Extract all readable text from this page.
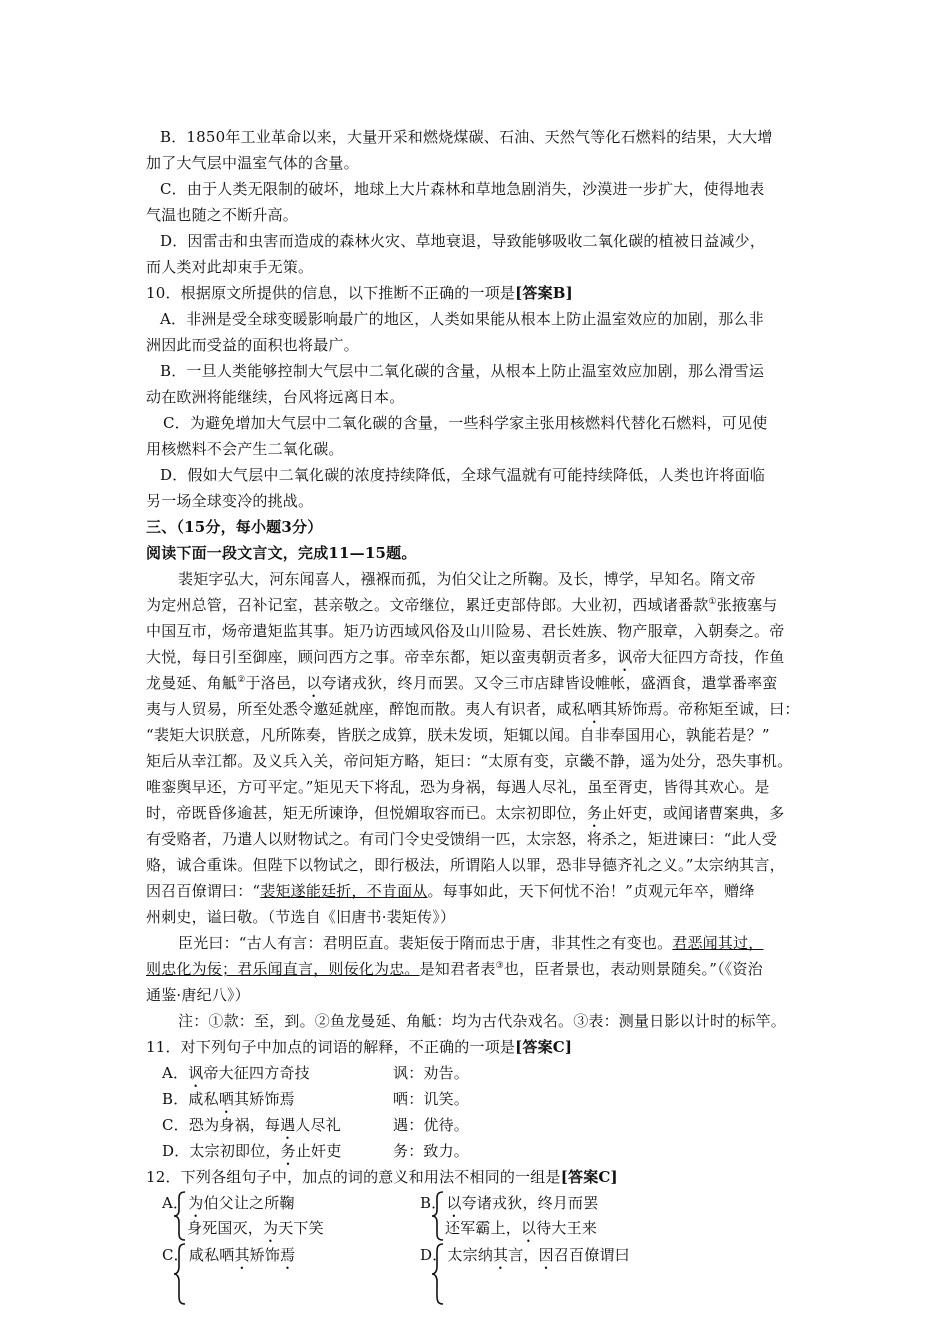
B．1850年工业革命以来，大量开采和燃烧煤碳、石油、天然气等化石燃料的结果，大大增
加了大气层中温室气体的含量。
C．由于人类无限制的破坏，地球上大片森林和草地急剧消失，沙漠进一步扩大，使得地表
气温也随之不断升高。
D．因雷击和虫害而造成的森林火灾、草地衰退，导致能够吸收二氧化碳的植被日益减少，
而人类对此却束手无策。
10．根据原文所提供的信息，以下推断不正确的一项是[答案B]
A．非洲是受全球变暖影响最广的地区，人类如果能从根本上防止温室效应的加剧，那么非
洲因此而受益的面积也将最广。
B．一旦人类能够控制大气层中二氧化碳的含量，从根本上防止温室效应加剧，那么滑雪运
动在欧洲将能继续，台风将远离日本。
C．为避免增加大气层中二氧化碳的含量，一些科学家主张用核燃料代替化石燃料，可见使
用核燃料不会产生二氧化碳。
D．假如大气层中二氧化碳的浓度持续降低，全球气温就有可能持续降低，人类也许将面临
另一场全球变冷的挑战。
三、（15分，每小题3分）
阅读下面一段文言文，完成11—15题。
裴矩字弘大，河东闻喜人，襁褓而孤，为伯父让之所鞠。及长，博学，早知名。隋文帝
为定州总管，召补记室，甚亲敬之。文帝继位，累迁吏部侍郎。大业初，西域诸番款①张掖塞与
中国互市，炀帝遣矩监其事。矩乃访西域风俗及山川险易、君长姓族、物产服章，入朝奏之。帝
大悦，每日引至御座，顾问西方之事。帝幸东都，矩以蛮夷朝贡者多，讽帝大征四方奇技，作鱼
龙曼延、角觝②于洛邑，以夸诸戎狄，终月而罢。又令三市店肆皆设帷帐，盛酒食，遣掌番率蛮
夷与人贸易，所至处悉令邀延就座，醉饱而散。夷人有识者，咸私哂其矫饰焉。帝称矩至诚，曰：
“裴矩大识朕意，凡所陈奏，皆朕之成算，朕未发顷，矩辄以闻。自非奉国用心，孰能若是？”
矩后从幸江都。及义兵入关，帝问矩方略，矩曰：“太原有变，京畿不静，遥为处分，恐失事机。
唯銮舆早还，方可平定。”矩见天下将乱，恐为身祸，每遇人尽礼，虽至胥吏，皆得其欢心。是
时，帝既昏侈逾甚，矩无所谏诤，但悦媚取容而已。太宗初即位，务止奸吏，或闻诸曹案典，多
有受赂者，乃遣人以财物试之。有司门令史受馈绢一匹，太宗怒，将杀之，矩进谏曰：“此人受
赂，诚合重诛。但陛下以物试之，即行极法，所谓陷人以罪，恐非导德齐礼之义。”太宗纳其言，
因召百僚谓曰：“裴矩遂能廷折，不肯面从。每事如此，天下何忧不治！”贞观元年卒，赠绛
州刺史，谥曰敬。（节选自《旧唐书·裴矩传》）
臣光曰：“古人有言：君明臣直。裴矩佞于隋而忠于唐，非其性之有变也。君恶闻其过，
则忠化为佞；君乐闻直言，则佞化为忠。是知君者表③也，臣者景也，表动则景随矣。”（《资治
通鉴·唐纪八》）
注：①款：至，到。②鱼龙曼延、角觝：均为古代杂戏名。③表：测量日影以计时的标竿。
11．对下列句子中加点的词语的解释，不正确的一项是[答案C]
A．讽帝大征四方奇技	讽：劝告。
B．咸私哂其矫饰焉	哂：讥笑。
C．恐为身祸，每遇人尽礼	遇：优待。
D．太宗初即位，务止奸吏	务：致力。
12．下列各组句子中，加点的词的意义和用法不相同的一组是[答案C]
A．为伯父让之所鞠	B．以夸诸戎狄，终月而罢
身死国灭，为天下笑	还军霸上，以待大王来
C．咸私哂其矫饰焉	D．太宗纳其言，因召百僚谓曰
